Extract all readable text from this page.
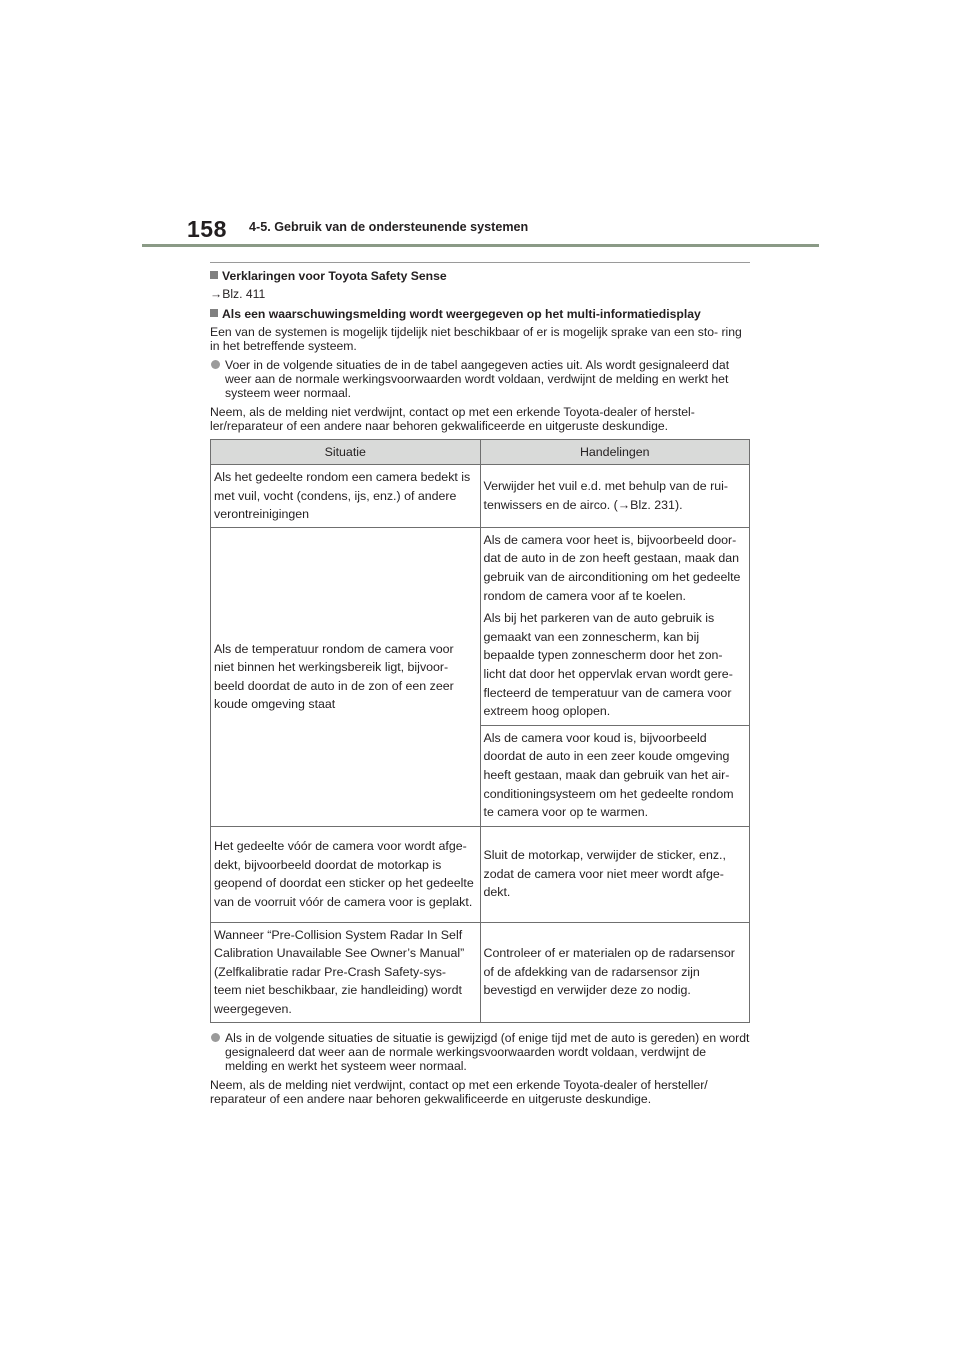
158 4-5. Gebruik van de ondersteunende systemen

Verklaringen voor Toyota Safety Sense

→Blz. 411

Als een waarschuwingsmelding wordt weergegeven op het multi-informatiedisplay

Een van de systemen is mogelijk tijdelijk niet beschikbaar of er is mogelijk sprake van een sto- ring in het betreffende systeem.

Voer in de volgende situaties de in de tabel aangegeven acties uit. Als wordt gesignaleerd dat weer aan de normale werkingsvoorwaarden wordt voldaan, verdwijnt de melding en werkt het systeem weer normaal.

Neem, als de melding niet verdwijnt, contact op met een erkende Toyota-dealer of herstel- ler/reparateur of een andere naar behoren gekwalificeerde en uitgeruste deskundige.

Situatie	Handelingen
Als het gedeelte rondom een camera bedekt is met vuil, vocht (condens, ijs, enz.) of andere verontreinigingen	Verwijder het vuil e.d. met behulp van de rui- tenwissers en de airco. (→Blz. 231).
Als de temperatuur rondom de camera voor niet binnen het werkingsbereik ligt, bijvoor- beeld doordat de auto in de zon of een zeer koude omgeving staat	Als de camera voor heet is, bijvoorbeeld door- dat de auto in de zon heeft gestaan, maak dan gebruik van de airconditioning om het gedeelte rondom de camera voor af te koelen.

Als bij het parkeren van de auto gebruik is gemaakt van een zonnescherm, kan bij bepaalde typen zonnescherm door het zon- licht dat door het oppervlak ervan wordt gere- flecteerd de temperatuur van de camera voor extreem hoog oplopen.

Als de camera voor koud is, bijvoorbeeld doordat de auto in een zeer koude omgeving heeft gestaan, maak dan gebruik van het air- conditioningsysteem om het gedeelte rondom te camera voor op te warmen.

Het gedeelte vóór de camera voor wordt afge- dekt, bijvoorbeeld doordat de motorkap is geopend of doordat een sticker op het gedeelte van de voorruit vóór de camera voor is geplakt.	Sluit de motorkap, verwijder de sticker, enz., zodat de camera voor niet meer wordt afge- dekt.
Wanneer “Pre-Collision System Radar In Self Calibration Unavailable See Owner’s Manual” (Zelfkalibratie radar Pre-Crash Safety-sys- teem niet beschikbaar, zie handleiding) wordt weergegeven.	Controleer of er materialen op de radarsensor of de afdekking van de radarsensor zijn bevestigd en verwijder deze zo nodig.
Als in de volgende situaties de situatie is gewijzigd (of enige tijd met de auto is gereden) en wordt gesignaleerd dat weer aan de normale werkingsvoorwaarden wordt voldaan, verdwijnt de melding en werkt het systeem weer normaal.

Neem, als de melding niet verdwijnt, contact op met een erkende Toyota-dealer of hersteller/ reparateur of een andere naar behoren gekwalificeerde en uitgeruste deskundige.
